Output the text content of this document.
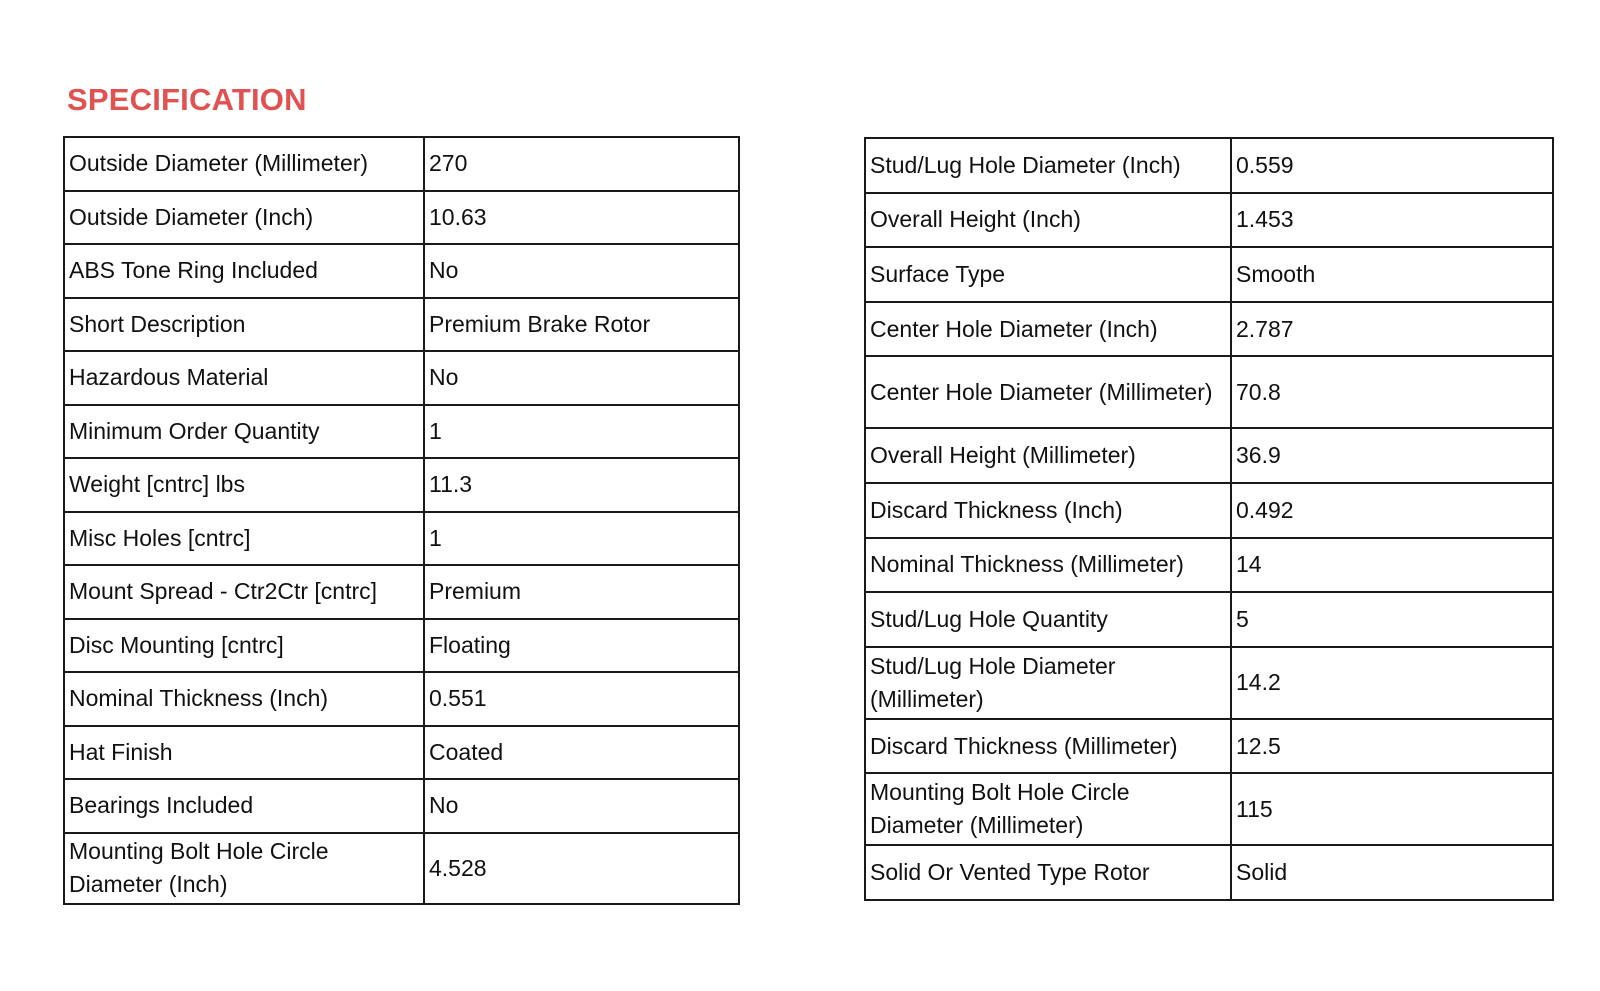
SPECIFICATION
Outside Diameter (Millimeter)	270
Outside Diameter (Inch)	10.63
ABS Tone Ring Included	No
Short Description	Premium Brake Rotor
Hazardous Material	No
Minimum Order Quantity	1
Weight [cntrc] lbs	11.3
Misc Holes [cntrc]	1
Mount Spread - Ctr2Ctr [cntrc]	Premium
Disc Mounting [cntrc]	Floating
Nominal Thickness (Inch)	0.551
Hat Finish	Coated
Bearings Included	No
Mounting Bolt Hole Circle Diameter (Inch)	4.528
Stud/Lug Hole Diameter (Inch)	0.559
Overall Height (Inch)	1.453
Surface Type	Smooth
Center Hole Diameter (Inch)	2.787
Center Hole Diameter (Millimeter)	70.8
Overall Height (Millimeter)	36.9
Discard Thickness (Inch)	0.492
Nominal Thickness (Millimeter)	14
Stud/Lug Hole Quantity	5
Stud/Lug Hole Diameter (Millimeter)	14.2
Discard Thickness (Millimeter)	12.5
Mounting Bolt Hole Circle Diameter (Millimeter)	115
Solid Or Vented Type Rotor	Solid
